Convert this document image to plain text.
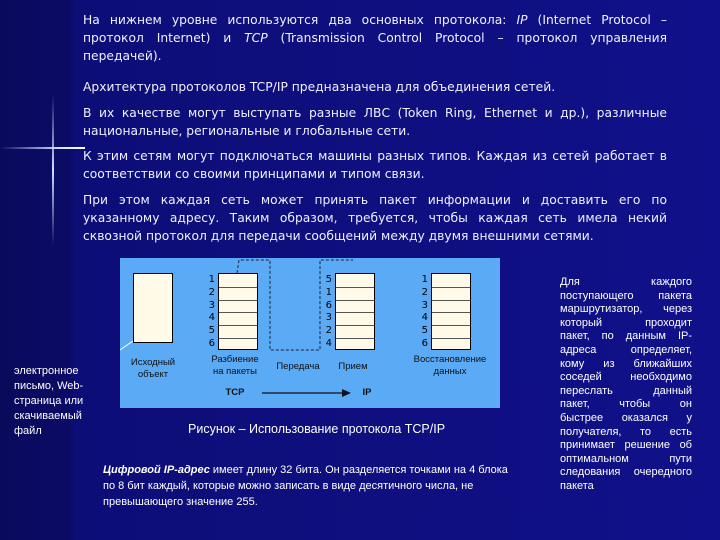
На нижнем уровне используются два основных протокола: IP (Internet Protocol –
протокол Internet) и TCP (Transmission Control Protocol – протокол управления
передачей).
Архитектура протоколов TCP/IP предназначена для объединения сетей.
В их качестве могут выступать разные ЛВС (Token Ring, Ethernet и др.), различные национальные, региональные и глобальные сети.
К этим сетям могут подключаться машины разных типов. Каждая из сетей работает в соответствии со своими принципами и типом связи.
При этом каждая сеть может принять пакет информации и доставить его по указанному адресу. Таким образом, требуется, чтобы каждая сеть имела некий сквозной протокол для передачи сообщений между двумя внешними сетями.
1
2
3
4
5
6
5
1
6
3
2
4
1
2
3
4
5
6
Исходный
объект
Разбиение
на пакеты	Передача	Прием
Восстановление
данных
TCP	IP
электронное
письмо, Web-
страница или
скачиваемый
файл	Рисунок – Использование протокола TCP/IP
Цифровой IP-адрес имеет длину 32 бита. Он разделяется точками на 4 блока по 8 бит каждый, которые можно записать в виде десятичного числа, не превышающего значение 255.
Для каждого
поступающего пакета
маршрутизатор, через
который проходит
пакет, по данным IP-
адреса определяет,
кому из ближайших
соседей необходимо
переслать данный
пакет, чтобы он
быстрее оказался у
получателя, то есть
принимает решение об
оптимальном пути
следования очередного
пакета
